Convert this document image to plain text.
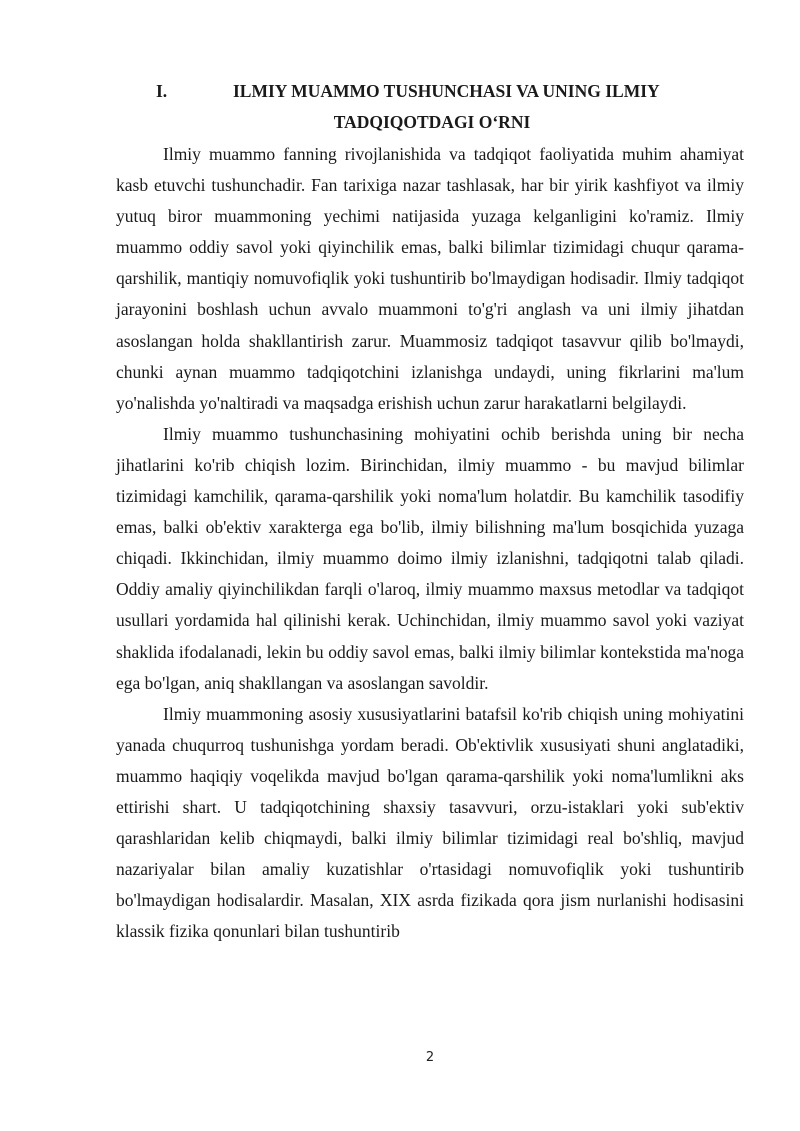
I.	ILMIY MUAMMO TUSHUNCHASI VA UNING ILMIY
TADQIQOTDAGI O‘RNI

Ilmiy muammo fanning rivojlanishida va tadqiqot faoliyatida muhim ahamiyat kasb etuvchi tushunchadir. Fan tarixiga nazar tashlasak, har bir yirik kashfiyot va ilmiy yutuq biror muammoning yechimi natijasida yuzaga kelganligini ko'ramiz. Ilmiy muammo oddiy savol yoki qiyinchilik emas, balki bilimlar tizimidagi chuqur qarama-qarshilik, mantiqiy nomuvofiqlik yoki tushuntirib bo'lmaydigan hodisadir. Ilmiy tadqiqot jarayonini boshlash uchun avvalo muammoni to'g'ri anglash va uni ilmiy jihatdan asoslangan holda shakllantirish zarur. Muammosiz tadqiqot tasavvur qilib bo'lmaydi, chunki aynan muammo tadqiqotchini izlanishga undaydi, uning fikrlarini ma'lum yo'nalishda yo'naltiradi va maqsadga erishish uchun zarur harakatlarni belgilaydi.

Ilmiy muammo tushunchasining mohiyatini ochib berishda uning bir necha jihatlarini ko'rib chiqish lozim. Birinchidan, ilmiy muammo - bu mavjud bilimlar tizimidagi kamchilik, qarama-qarshilik yoki noma'lum holatdir. Bu kamchilik tasodifiy emas, balki ob'ektiv xarakterga ega bo'lib, ilmiy bilishning ma'lum bosqichida yuzaga chiqadi. Ikkinchidan, ilmiy muammo doimo ilmiy izlanishni, tadqiqotni talab qiladi. Oddiy amaliy qiyinchilikdan farqli o'laroq, ilmiy muammo maxsus metodlar va tadqiqot usullari yordamida hal qilinishi kerak. Uchinchidan, ilmiy muammo savol yoki vaziyat shaklida ifodalanadi, lekin bu oddiy savol emas, balki ilmiy bilimlar kontekstida ma'noga ega bo'lgan, aniq shakllangan va asoslangan savoldir.

Ilmiy muammoning asosiy xususiyatlarini batafsil ko'rib chiqish uning mohiyatini yanada chuqurroq tushunishga yordam beradi. Ob'ektivlik xususiyati shuni anglatadiki, muammo haqiqiy voqelikda mavjud bo'lgan qarama-qarshilik yoki noma'lumlikni aks ettirishi shart. U tadqiqotchining shaxsiy tasavvuri, orzu-istaklari yoki sub'ektiv qarashlaridan kelib chiqmaydi, balki ilmiy bilimlar tizimidagi real bo'shliq, mavjud nazariyalar bilan amaliy kuzatishlar o'rtasidagi nomuvofiqlik yoki tushuntirib bo'lmaydigan hodisalardir. Masalan, XIX asrda fizikada qora jism nurlanishi hodisasini klassik fizika qonunlari bilan tushuntirib

2
